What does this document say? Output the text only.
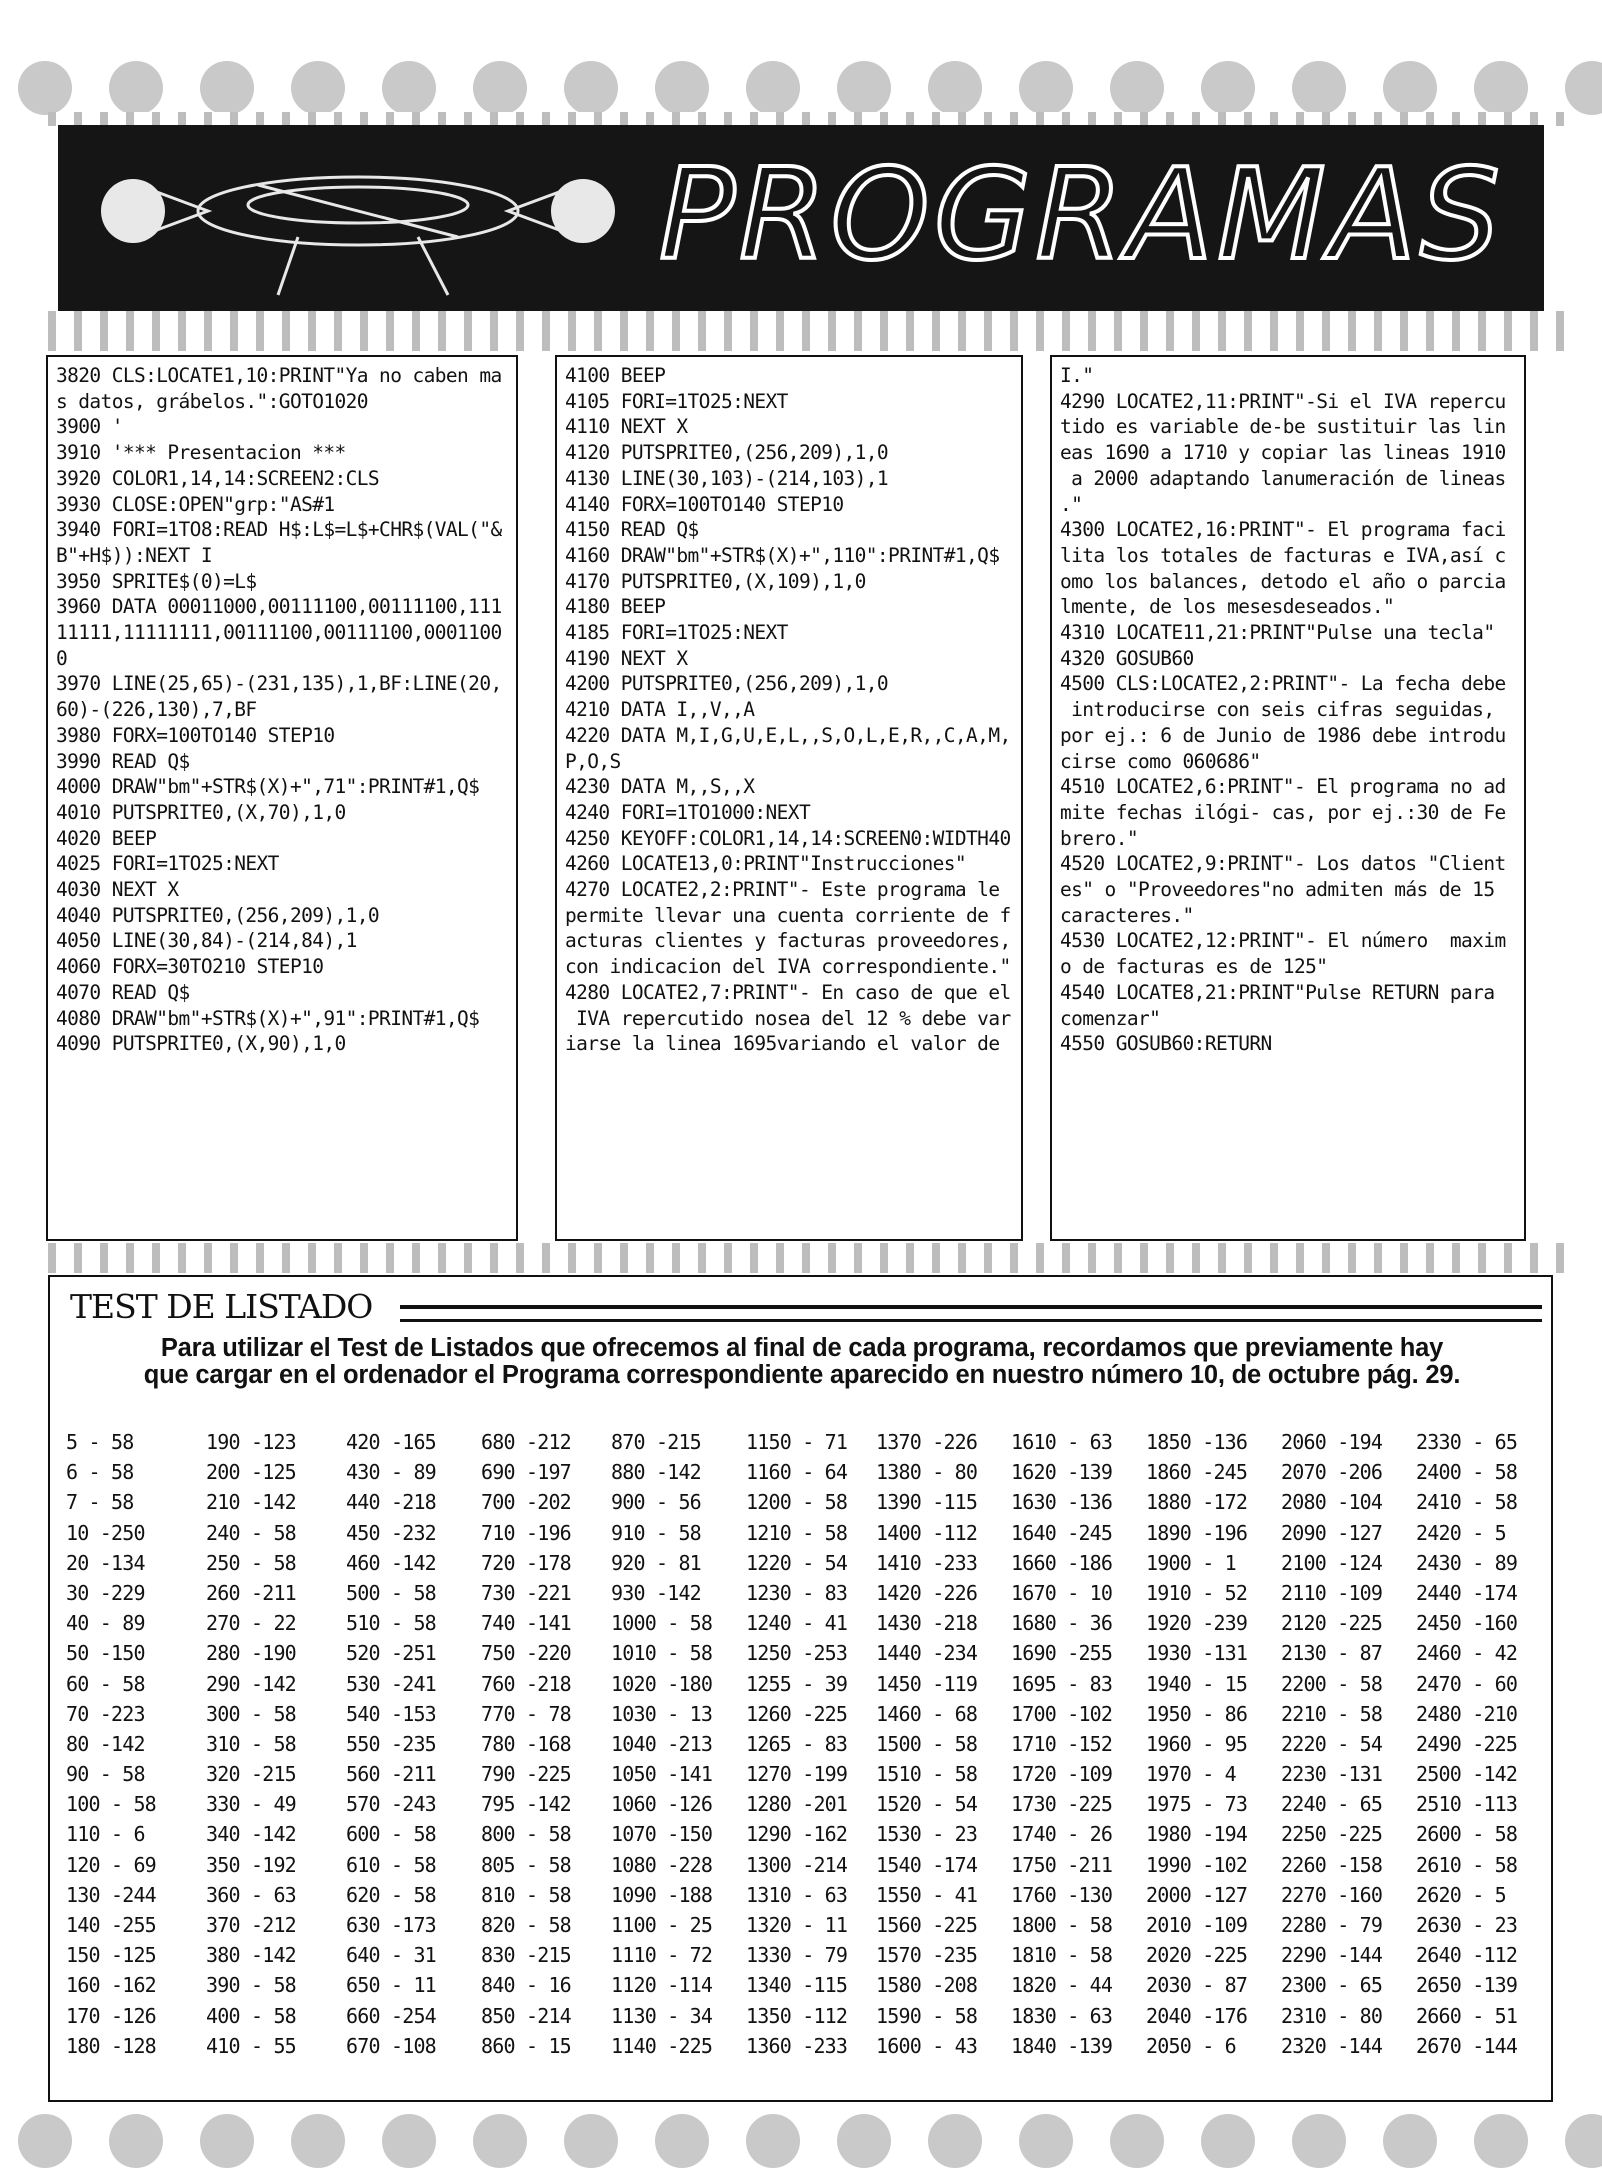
PROGRAMAS
3820 CLS:LOCATE1,10:PRINT"Ya no caben ma
s datos, grábelos.":GOTO1020
3900 '
3910 '*** Presentacion ***
3920 COLOR1,14,14:SCREEN2:CLS
3930 CLOSE:OPEN"grp:"AS#1
3940 FORI=1TO8:READ H$:L$=L$+CHR$(VAL("&
B"+H$)):NEXT I
3950 SPRITE$(0)=L$
3960 DATA 00011000,00111100,00111100,111
11111,11111111,00111100,00111100,0001100
0
3970 LINE(25,65)-(231,135),1,BF:LINE(20,
60)-(226,130),7,BF
3980 FORX=100TO140 STEP10
3990 READ Q$
4000 DRAW"bm"+STR$(X)+",71":PRINT#1,Q$
4010 PUTSPRITE0,(X,70),1,0
4020 BEEP
4025 FORI=1TO25:NEXT
4030 NEXT X
4040 PUTSPRITE0,(256,209),1,0
4050 LINE(30,84)-(214,84),1
4060 FORX=30TO210 STEP10
4070 READ Q$
4080 DRAW"bm"+STR$(X)+",91":PRINT#1,Q$
4090 PUTSPRITE0,(X,90),1,0
4100 BEEP
4105 FORI=1TO25:NEXT
4110 NEXT X
4120 PUTSPRITE0,(256,209),1,0
4130 LINE(30,103)-(214,103),1
4140 FORX=100TO140 STEP10
4150 READ Q$
4160 DRAW"bm"+STR$(X)+",110":PRINT#1,Q$
4170 PUTSPRITE0,(X,109),1,0
4180 BEEP
4185 FORI=1TO25:NEXT
4190 NEXT X
4200 PUTSPRITE0,(256,209),1,0
4210 DATA I,,V,,A
4220 DATA M,I,G,U,E,L,,S,O,L,E,R,,C,A,M,
P,O,S
4230 DATA M,,S,,X
4240 FORI=1TO1000:NEXT
4250 KEYOFF:COLOR1,14,14:SCREEN0:WIDTH40
4260 LOCATE13,0:PRINT"Instrucciones"
4270 LOCATE2,2:PRINT"- Este programa le
permite llevar una cuenta corriente de f
acturas clientes y facturas proveedores,
con indicacion del IVA correspondiente."
4280 LOCATE2,7:PRINT"- En caso de que el
IVA repercutido nosea del 12 % debe var
iarse la linea 1695variando el valor de
I."
4290 LOCATE2,11:PRINT"-Si el IVA repercu
tido es variable de-be sustituir las lin
eas 1690 a 1710 y copiar las lineas 1910
a 2000 adaptando lanumeración de lineas
."
4300 LOCATE2,16:PRINT"- El programa faci
lita los totales de facturas e IVA,así c
omo los balances, detodo el año o parcia
lmente, de los mesesdeseados."
4310 LOCATE11,21:PRINT"Pulse una tecla"
4320 GOSUB60
4500 CLS:LOCATE2,2:PRINT"- La fecha debe
introducirse con seis cifras seguidas,
por ej.: 6 de Junio de 1986 debe introdu
cirse como 060686"
4510 LOCATE2,6:PRINT"- El programa no ad
mite fechas ilógi- cas, por ej.:30 de Fe
brero."
4520 LOCATE2,9:PRINT"- Los datos "Client
es" o "Proveedores"no admiten más de 15
caracteres."
4530 LOCATE2,12:PRINT"- El número  maxim
o de facturas es de 125"
4540 LOCATE8,21:PRINT"Pulse RETURN para
comenzar"
4550 GOSUB60:RETURN
TEST DE LISTADO
Para utilizar el Test de Listados que ofrecemos al final de cada programa, recordamos que previamente hay
que cargar en el ordenador el Programa correspondiente aparecido en nuestro número 10, de octubre pág. 29.
5 - 58
6 - 58
7 - 58
10 -250
20 -134
30 -229
40 - 89
50 -150
60 - 58
70 -223
80 -142
90 - 58
100 - 58
110 - 6
120 - 69
130 -244
140 -255
150 -125
160 -162
170 -126
180 -128
190 -123
200 -125
210 -142
240 - 58
250 - 58
260 -211
270 - 22
280 -190
290 -142
300 - 58
310 - 58
320 -215
330 - 49
340 -142
350 -192
360 - 63
370 -212
380 -142
390 - 58
400 - 58
410 - 55
420 -165
430 - 89
440 -218
450 -232
460 -142
500 - 58
510 - 58
520 -251
530 -241
540 -153
550 -235
560 -211
570 -243
600 - 58
610 - 58
620 - 58
630 -173
640 - 31
650 - 11
660 -254
670 -108
680 -212
690 -197
700 -202
710 -196
720 -178
730 -221
740 -141
750 -220
760 -218
770 - 78
780 -168
790 -225
795 -142
800 - 58
805 - 58
810 - 58
820 - 58
830 -215
840 - 16
850 -214
860 - 15
870 -215
880 -142
900 - 56
910 - 58
920 - 81
930 -142
1000 - 58
1010 - 58
1020 -180
1030 - 13
1040 -213
1050 -141
1060 -126
1070 -150
1080 -228
1090 -188
1100 - 25
1110 - 72
1120 -114
1130 - 34
1140 -225
1150 - 71
1160 - 64
1200 - 58
1210 - 58
1220 - 54
1230 - 83
1240 - 41
1250 -253
1255 - 39
1260 -225
1265 - 83
1270 -199
1280 -201
1290 -162
1300 -214
1310 - 63
1320 - 11
1330 - 79
1340 -115
1350 -112
1360 -233
1370 -226
1380 - 80
1390 -115
1400 -112
1410 -233
1420 -226
1430 -218
1440 -234
1450 -119
1460 - 68
1500 - 58
1510 - 58
1520 - 54
1530 - 23
1540 -174
1550 - 41
1560 -225
1570 -235
1580 -208
1590 - 58
1600 - 43
1610 - 63
1620 -139
1630 -136
1640 -245
1660 -186
1670 - 10
1680 - 36
1690 -255
1695 - 83
1700 -102
1710 -152
1720 -109
1730 -225
1740 - 26
1750 -211
1760 -130
1800 - 58
1810 - 58
1820 - 44
1830 - 63
1840 -139
1850 -136
1860 -245
1880 -172
1890 -196
1900 - 1
1910 - 52
1920 -239
1930 -131
1940 - 15
1950 - 86
1960 - 95
1970 - 4
1975 - 73
1980 -194
1990 -102
2000 -127
2010 -109
2020 -225
2030 - 87
2040 -176
2050 - 6
2060 -194
2070 -206
2080 -104
2090 -127
2100 -124
2110 -109
2120 -225
2130 - 87
2200 - 58
2210 - 58
2220 - 54
2230 -131
2240 - 65
2250 -225
2260 -158
2270 -160
2280 - 79
2290 -144
2300 - 65
2310 - 80
2320 -144
2330 - 65
2400 - 58
2410 - 58
2420 - 5
2430 - 89
2440 -174
2450 -160
2460 - 42
2470 - 60
2480 -210
2490 -225
2500 -142
2510 -113
2600 - 58
2610 - 58
2620 - 5
2630 - 23
2640 -112
2650 -139
2660 - 51
2670 -144
